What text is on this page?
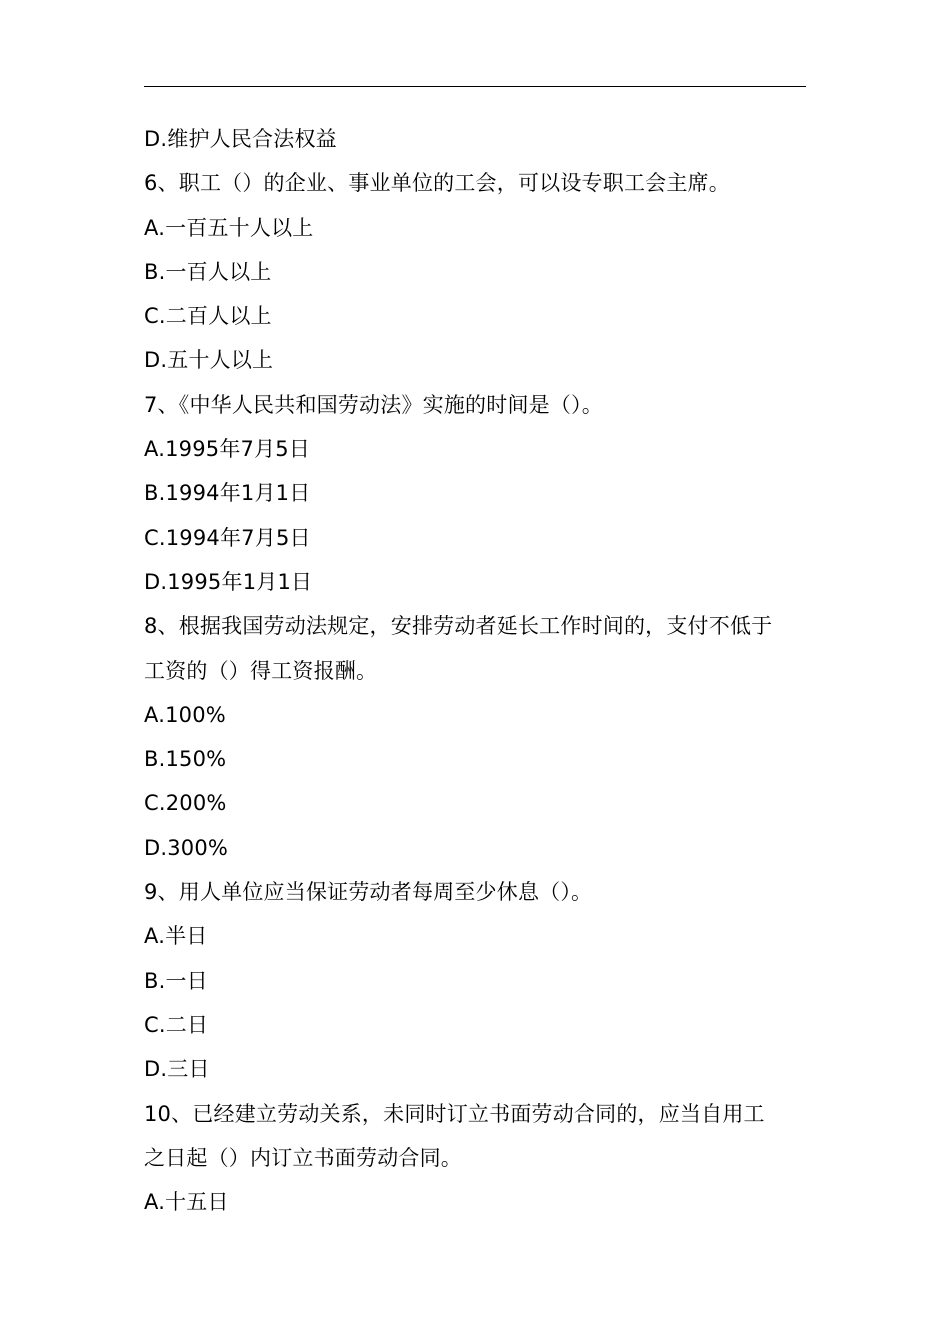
D.维护人民合法权益
6、职工（）的企业、事业单位的工会，可以设专职工会主席。
A.一百五十人以上
B.一百人以上
C.二百人以上
D.五十人以上
7、《中华人民共和国劳动法》实施的时间是（）。
A.1995年7月5日
B.1994年1月1日
C.1994年7月5日
D.1995年1月1日
8、根据我国劳动法规定，安排劳动者延长工作时间的，支付不低于
工资的（）得工资报酬。
A.100%
B.150%
C.200%
D.300%
9、用人单位应当保证劳动者每周至少休息（）。
A.半日
B.一日
C.二日
D.三日
10、已经建立劳动关系，未同时订立书面劳动合同的，应当自用工
之日起（）内订立书面劳动合同。
A.十五日
